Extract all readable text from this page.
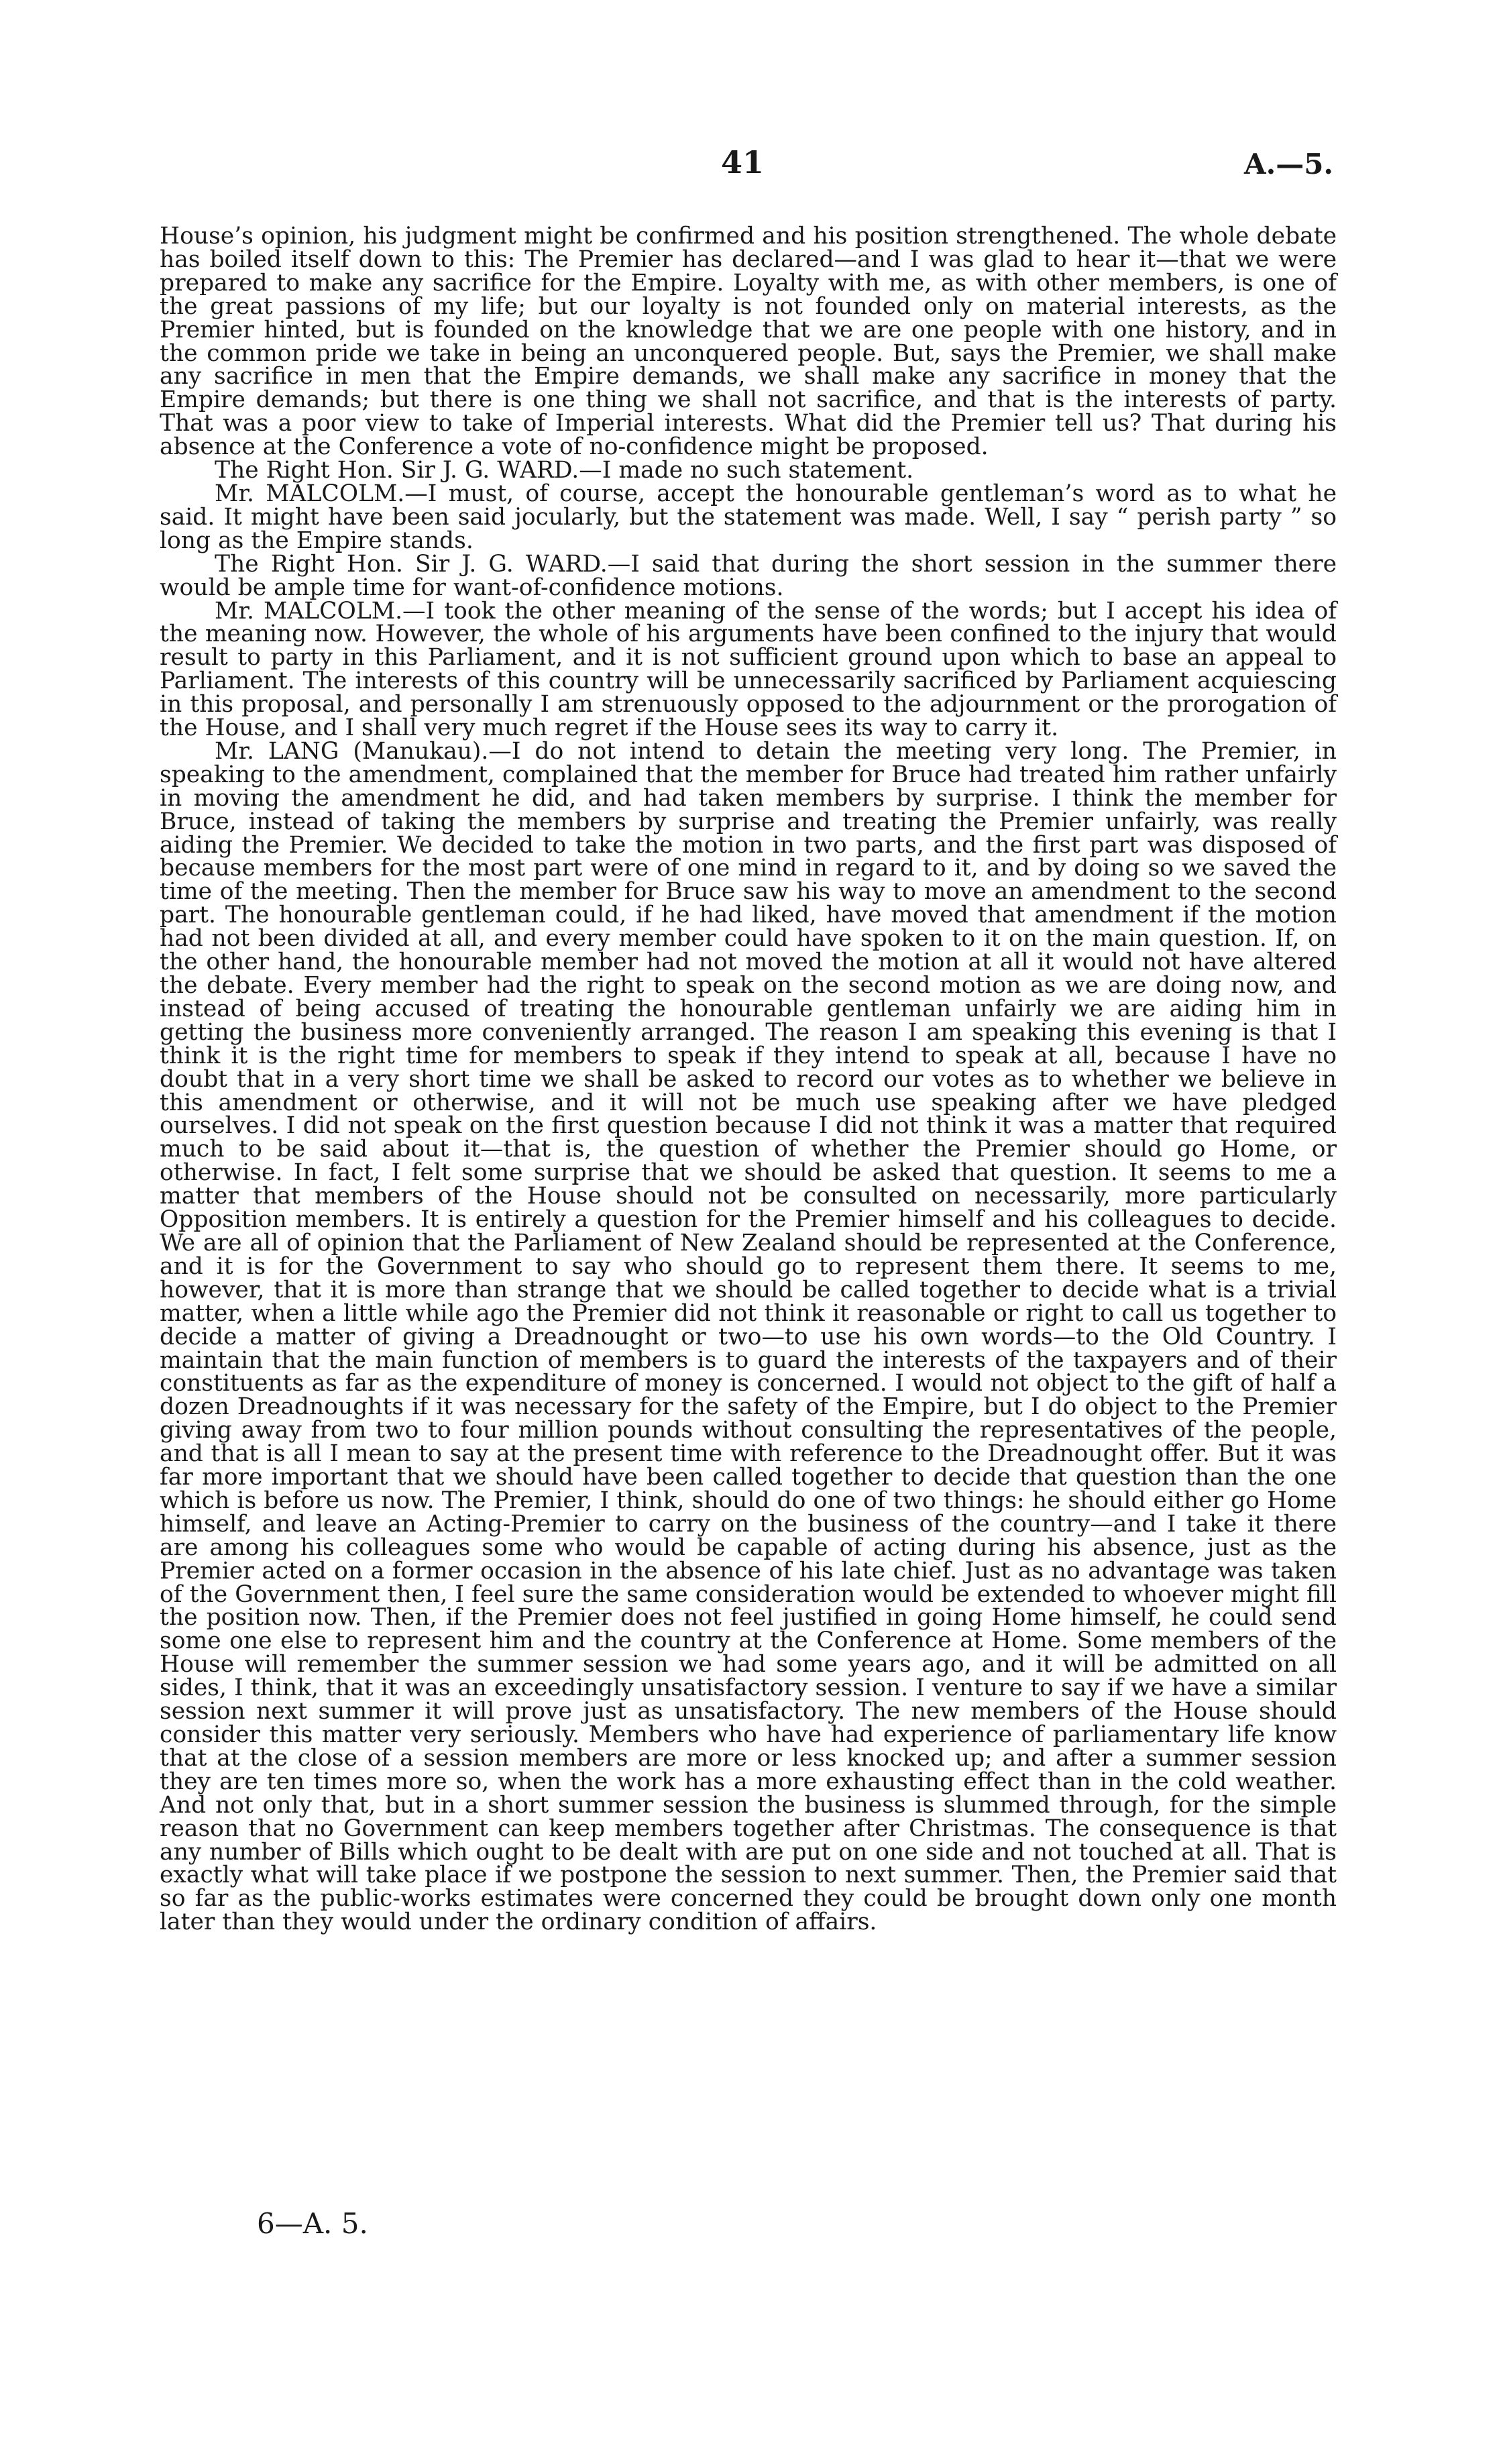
41	A.—5.

House’s opinion, his judgment might be confirmed and his position strengthened. The whole debate has boiled itself down to this: The Premier has declared—and I was glad to hear it—that we were prepared to make any sacrifice for the Empire. Loyalty with me, as with other members, is one of the great passions of my life; but our loyalty is not founded only on material interests, as the Premier hinted, but is founded on the knowledge that we are one people with one history, and in the common pride we take in being an unconquered people. But, says the Premier, we shall make any sacrifice in men that the Empire demands, we shall make any sacrifice in money that the Empire demands; but there is one thing we shall not sacrifice, and that is the interests of party. That was a poor view to take of Imperial interests. What did the Premier tell us? That during his absence at the Conference a vote of no-confidence might be proposed.

The Right Hon. Sir J. G. WARD.—I made no such statement.

Mr. MALCOLM.—I must, of course, accept the honourable gentleman’s word as to what he said. It might have been said jocularly, but the statement was made. Well, I say “ perish party ” so long as the Empire stands.

The Right Hon. Sir J. G. WARD.—I said that during the short session in the summer there would be ample time for want-of-confidence motions.

Mr. MALCOLM.—I took the other meaning of the sense of the words; but I accept his idea of the meaning now. However, the whole of his arguments have been confined to the injury that would result to party in this Parliament, and it is not sufficient ground upon which to base an appeal to Parliament. The interests of this country will be unnecessarily sacrificed by Parliament acquiescing in this proposal, and personally I am strenuously opposed to the adjournment or the prorogation of the House, and I shall very much regret if the House sees its way to carry it.

Mr. LANG (Manukau).—I do not intend to detain the meeting very long. The Premier, in speaking to the amendment, complained that the member for Bruce had treated him rather unfairly in moving the amendment he did, and had taken members by surprise. I think the member for Bruce, instead of taking the members by surprise and treating the Premier unfairly, was really aiding the Premier. We decided to take the motion in two parts, and the first part was disposed of because members for the most part were of one mind in regard to it, and by doing so we saved the time of the meeting. Then the member for Bruce saw his way to move an amendment to the second part. The honourable gentleman could, if he had liked, have moved that amendment if the motion had not been divided at all, and every member could have spoken to it on the main question. If, on the other hand, the honourable member had not moved the motion at all it would not have altered the debate. Every member had the right to speak on the second motion as we are doing now, and instead of being accused of treating the honourable gentleman unfairly we are aiding him in getting the business more conveniently arranged. The reason I am speaking this evening is that I think it is the right time for members to speak if they intend to speak at all, because I have no doubt that in a very short time we shall be asked to record our votes as to whether we believe in this amendment or otherwise, and it will not be much use speaking after we have pledged ourselves. I did not speak on the first question because I did not think it was a matter that required much to be said about it—that is, the question of whether the Premier should go Home, or otherwise. In fact, I felt some surprise that we should be asked that question. It seems to me a matter that members of the House should not be consulted on necessarily, more particularly Opposition members. It is entirely a question for the Premier himself and his colleagues to decide. We are all of opinion that the Parliament of New Zealand should be represented at the Conference, and it is for the Government to say who should go to represent them there. It seems to me, however, that it is more than strange that we should be called together to decide what is a trivial matter, when a little while ago the Premier did not think it reasonable or right to call us together to decide a matter of giving a Dreadnought or two—to use his own words—to the Old Country. I maintain that the main function of members is to guard the interests of the taxpayers and of their constituents as far as the expenditure of money is concerned. I would not object to the gift of half a dozen Dreadnoughts if it was necessary for the safety of the Empire, but I do object to the Premier giving away from two to four million pounds without consulting the representatives of the people, and that is all I mean to say at the present time with reference to the Dreadnought offer. But it was far more important that we should have been called together to decide that question than the one which is before us now. The Premier, I think, should do one of two things: he should either go Home himself, and leave an Acting-Premier to carry on the business of the country—and I take it there are among his colleagues some who would be capable of acting during his absence, just as the Premier acted on a former occasion in the absence of his late chief. Just as no advantage was taken of the Government then, I feel sure the same consideration would be extended to whoever might fill the position now. Then, if the Premier does not feel justified in going Home himself, he could send some one else to represent him and the country at the Conference at Home. Some members of the House will remember the summer session we had some years ago, and it will be admitted on all sides, I think, that it was an exceedingly unsatisfactory session. I venture to say if we have a similar session next summer it will prove just as unsatisfactory. The new members of the House should consider this matter very seriously. Members who have had experience of parliamentary life know that at the close of a session members are more or less knocked up; and after a summer session they are ten times more so, when the work has a more exhausting effect than in the cold weather. And not only that, but in a short summer session the business is slummed through, for the simple reason that no Government can keep members together after Christmas. The consequence is that any number of Bills which ought to be dealt with are put on one side and not touched at all. That is exactly what will take place if we postpone the session to next summer. Then, the Premier said that so far as the public-works estimates were concerned they could be brought down only one month later than they would under the ordinary condition of affairs.

6—A. 5.
